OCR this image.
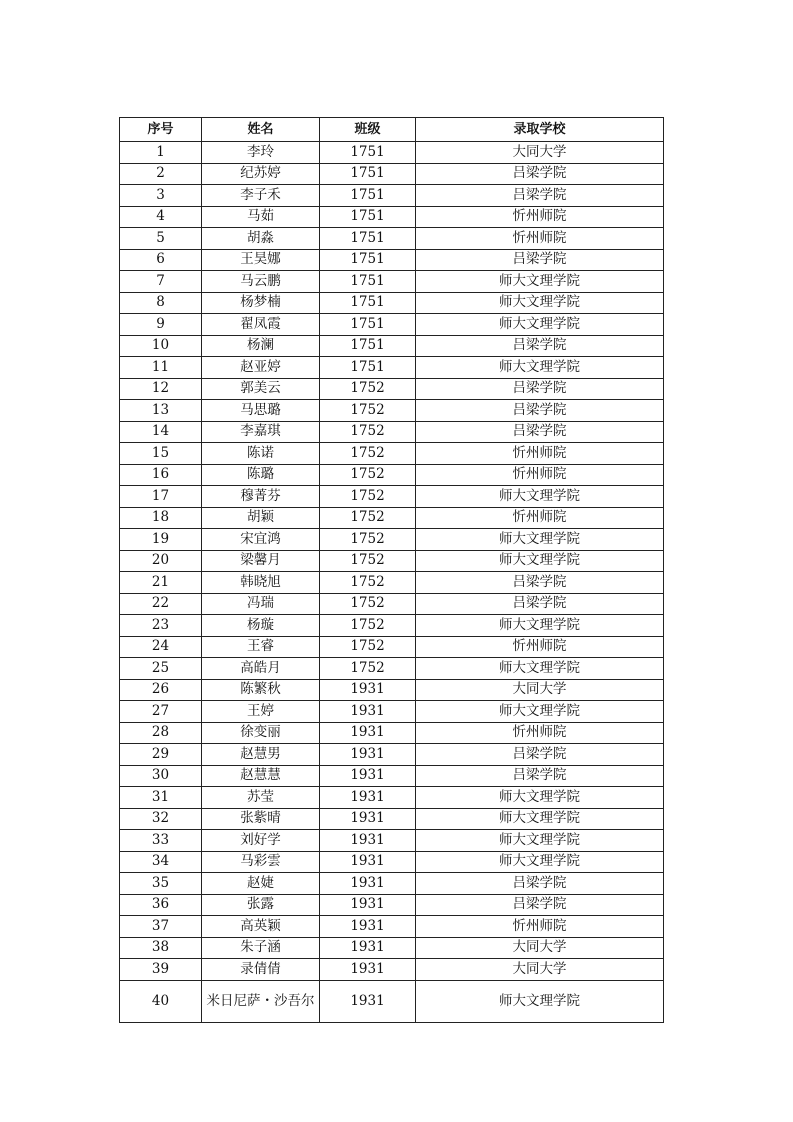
序号	姓名	班级	录取学校
1	李玲	1751	大同大学
2	纪苏婷	1751	吕梁学院
3	李子禾	1751	吕梁学院
4	马茹	1751	忻州师院
5	胡淼	1751	忻州师院
6	王昊娜	1751	吕梁学院
7	马云鹏	1751	师大文理学院
8	杨梦楠	1751	师大文理学院
9	翟凤霞	1751	师大文理学院
10	杨澜	1751	吕梁学院
11	赵亚婷	1751	师大文理学院
12	郭美云	1752	吕梁学院
13	马思璐	1752	吕梁学院
14	李嘉琪	1752	吕梁学院
15	陈诺	1752	忻州师院
16	陈璐	1752	忻州师院
17	穆菁芬	1752	师大文理学院
18	胡颖	1752	忻州师院
19	宋宜鸿	1752	师大文理学院
20	梁馨月	1752	师大文理学院
21	韩晓旭	1752	吕梁学院
22	冯瑞	1752	吕梁学院
23	杨璇	1752	师大文理学院
24	王睿	1752	忻州师院
25	高皓月	1752	师大文理学院
26	陈繁秋	1931	大同大学
27	王婷	1931	师大文理学院
28	徐变丽	1931	忻州师院
29	赵慧男	1931	吕梁学院
30	赵慧慧	1931	吕梁学院
31	苏莹	1931	师大文理学院
32	张紫晴	1931	师大文理学院
33	刘好学	1931	师大文理学院
34	马彩雲	1931	师大文理学院
35	赵婕	1931	吕梁学院
36	张露	1931	吕梁学院
37	高英颖	1931	忻州师院
38	朱子涵	1931	大同大学
39	录倩倩	1931	大同大学
40	米日尼萨・沙吾尔	1931	师大文理学院
